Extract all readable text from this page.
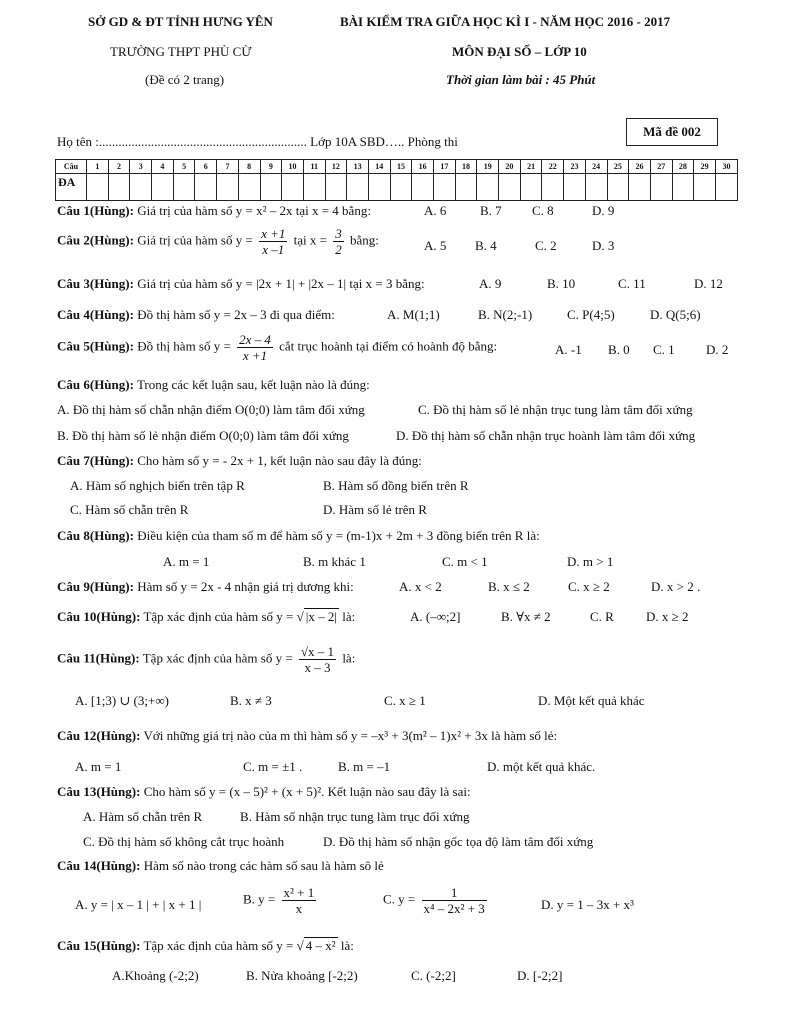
SỞ GD & ĐT TỈNH HƯNG YÊN
TRƯỜNG THPT PHÙ CỪ
(Đề có 2 trang)
BÀI KIỂM TRA GIỮA HỌC KÌ I - NĂM HỌC 2016 - 2017
MÔN ĐẠI SỐ – LỚP 10
Thời gian làm bài : 45 Phút
Mã đề 002
Họ tên :................................................................ Lớp 10A SBD….. Phòng thi
Câu	1	2	3	4	5	6	7	8	9	10	11	12	13	14	15	16	17	18	19	20	21	22	23	24	25	26	27	28	29	30
ĐA																														
Câu 1(Hùng): Giá trị của hàm số y = x² – 2x tại x = 4 bằng:	A. 6	B. 7 C. 8	D. 9
Câu 2(Hùng): Giá trị của hàm số $y = \frac{x +1}{x -1}$ tại $x = \frac{3}{2}$ bằng:	A. 5 B. 4	C. 2	D. 3
Câu 3(Hùng): Giá trị của hàm số y = |2x + 1| + |2x – 1| tại x = 3 bằng:	A. 9	B. 10	C. 11	D. 12
Câu 4(Hùng): Đồ thị hàm số y = 2x – 3 đi qua điểm:	A. M(1;1)	B. N(2;-1)	C. P(4;5)	D. Q(5;6)
Câu 5(Hùng): Đồ thị hàm số $y = \frac{2x - 4}{x +1}$ cắt trục hoành tại điểm có hoành độ bằng:	A. -1 B. 0 C. 1 D. 2
Câu 6(Hùng): Trong các kết luận sau, kết luận nào là đúng:
A. Đồ thị hàm số chẵn nhận điểm O(0;0) làm tâm đối xứng	C. Đồ thị hàm số lẻ nhận trục tung làm tâm đối xứng
B. Đồ thị hàm số lẻ nhận điểm O(0;0) làm tâm đối xứng	D. Đồ thị hàm số chẵn nhận trục hoành làm tâm đối xứng
Câu 7(Hùng): Cho hàm số y = - 2x + 1, kết luận nào sau đây là đúng:
A. Hàm số nghịch biến trên tập R	B. Hàm số đồng biến trên R
C. Hàm số chẵn trên R	D. Hàm số lẻ trên R
Câu 8(Hùng): Điều kiện của tham số m để hàm số y = (m-1)x + 2m + 3 đồng biến trên R là:
A. m = 1	B. m khác 1	C. m < 1	D. m > 1
Câu 9(Hùng): Hàm số y = 2x - 4 nhận giá trị dương khi:	A. x < 2	B. x ≤ 2	C. x ≥ 2	D. x > 2 .
Câu 10(Hùng): Tập xác định của hàm số y = √ |x – 2| là:	A. (–∞;2]	B. ∀x ≠ 2	C. R D. x ≥ 2
Câu 11(Hùng): Tập xác định của hàm số $y = \frac{√x - 1}{x - 3}$ là:
A. [1;3) ∪ (3;+∞)	B. x ≠ 3	C. x ≥ 1	D. Một kết quả khác
Câu 12(Hùng): Với những giá trị nào của m thì hàm số y = –x³ + 3(m² – 1)x² + 3x là hàm số lẻ:
A. m = 1	C. m = ±1 .	B. m = –1	D. một kết quả khác.
Câu 13(Hùng): Cho hàm số y = (x – 5)² + (x + 5)². Kết luận nào sau đây là sai:
A. Hàm số chẵn trên R	B. Hàm số nhận trục tung làm trục đối xứng
C. Đồ thị hàm số không cắt trục hoành	D. Đồ thị hàm số nhận gốc tọa độ làm tâm đối xứng
Câu 14(Hùng): Hàm số nào trong các hàm số sau là hàm sô lẻ
A. y = | x – 1 | + | x + 1 |	B. $y = \frac{\text{x² + 1}}{x}$	C. $y = \frac{1}{\text{x⁴ – 2x² + 3}}$	D. y = 1 – 3x + x³
Câu 15(Hùng): Tập xác định của hàm số y = √ 4 – x² là:
A.Khoảng (-2;2)	B. Nửa khoảng [-2;2)	C. (-2;2]	D. [-2;2]
